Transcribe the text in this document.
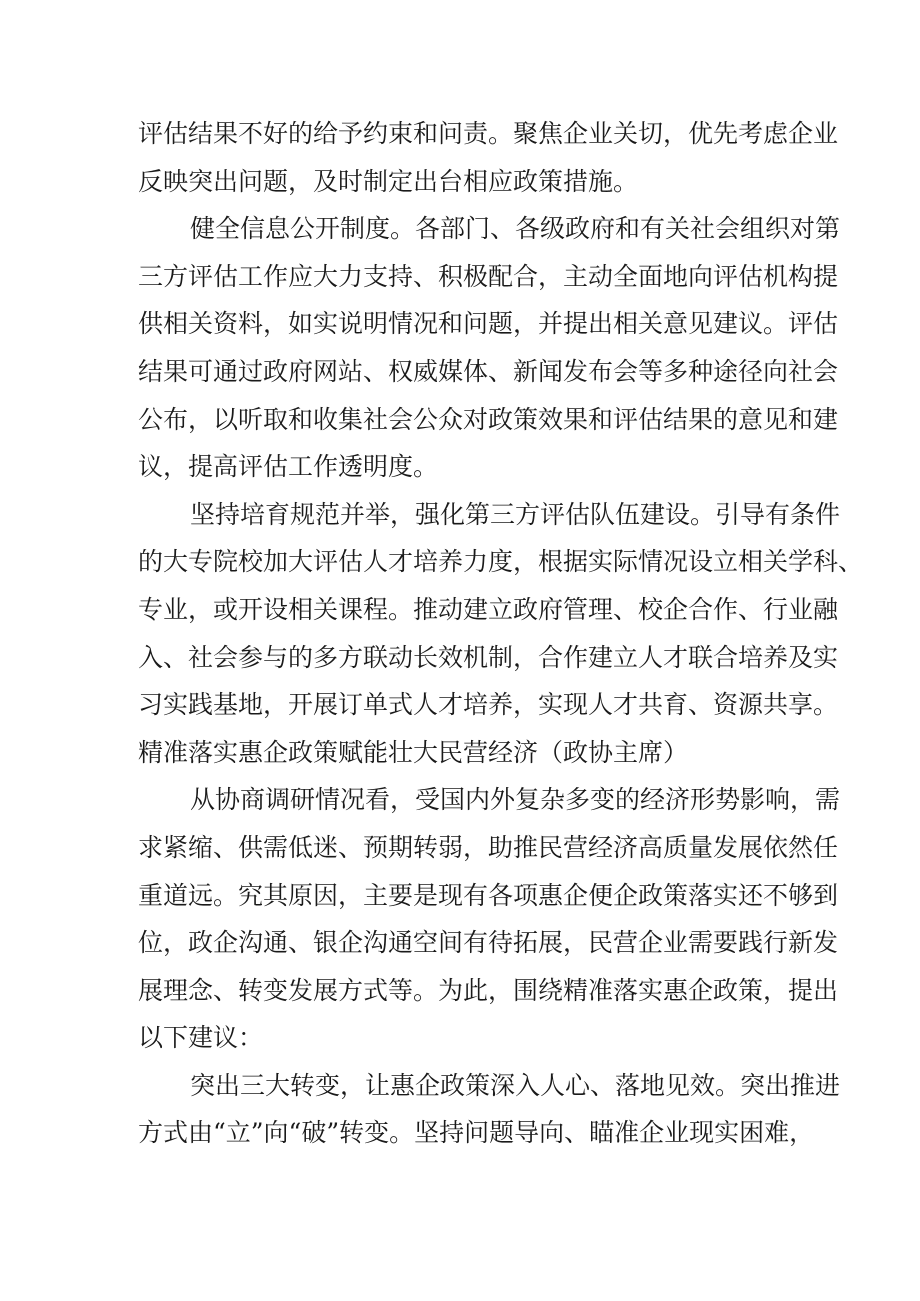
评估结果不好的给予约束和问责。聚焦企业关切，优先考虑企业
反映突出问题，及时制定出台相应政策措施。
健全信息公开制度。各部门、各级政府和有关社会组织对第
三方评估工作应大力支持、积极配合，主动全面地向评估机构提
供相关资料，如实说明情况和问题，并提出相关意见建议。评估
结果可通过政府网站、权威媒体、新闻发布会等多种途径向社会
公布，以听取和收集社会公众对政策效果和评估结果的意见和建
议，提高评估工作透明度。
坚持培育规范并举，强化第三方评估队伍建设。引导有条件
的大专院校加大评估人才培养力度，根据实际情况设立相关学科、
专业，或开设相关课程。推动建立政府管理、校企合作、行业融
入、社会参与的多方联动长效机制，合作建立人才联合培养及实
习实践基地，开展订单式人才培养，实现人才共育、资源共享。
精准落实惠企政策赋能壮大民营经济（政协主席）
从协商调研情况看，受国内外复杂多变的经济形势影响，需
求紧缩、供需低迷、预期转弱，助推民营经济高质量发展依然任
重道远。究其原因，主要是现有各项惠企便企政策落实还不够到
位，政企沟通、银企沟通空间有待拓展，民营企业需要践行新发
展理念、转变发展方式等。为此，围绕精准落实惠企政策，提出
以下建议：
突出三大转变，让惠企政策深入人心、落地见效。突出推进
方式由“立”向“破”转变。坚持问题导向、瞄准企业现实困难，
